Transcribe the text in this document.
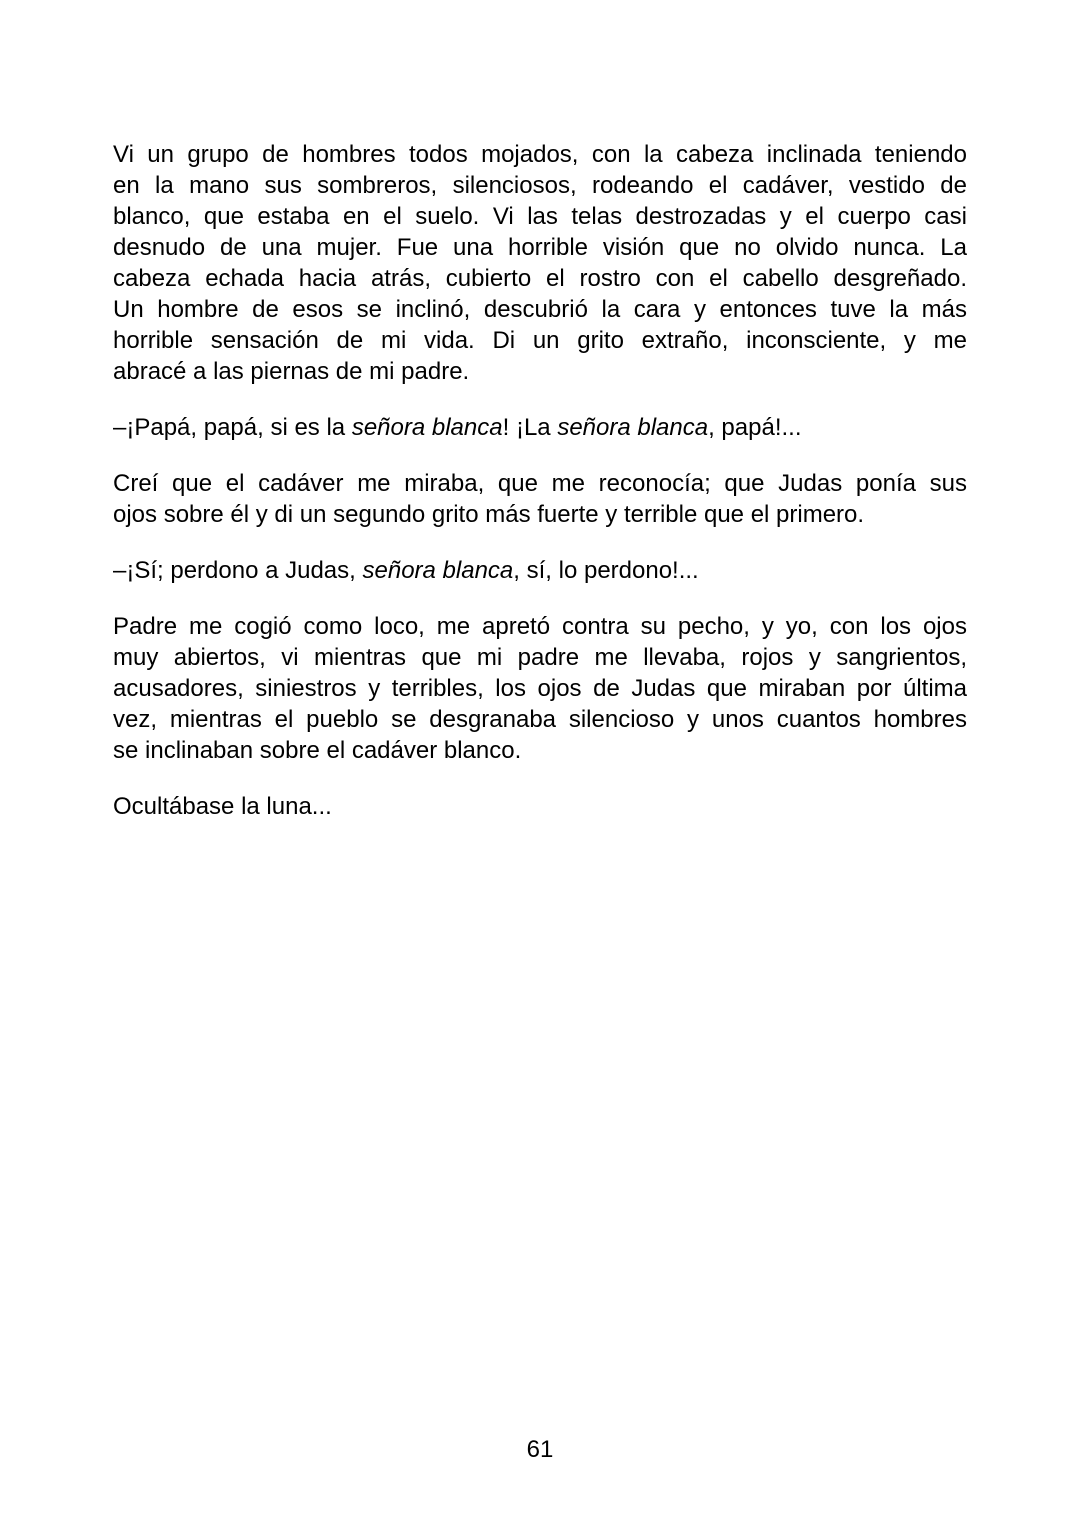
Vi un grupo de hombres todos mojados, con la cabeza inclinada teniendo
en la mano sus sombreros, silenciosos, rodeando el cadáver, vestido de
blanco, que estaba en el suelo. Vi las telas destrozadas y el cuerpo casi
desnudo de una mujer. Fue una horrible visión que no olvido nunca. La
cabeza echada hacia atrás, cubierto el rostro con el cabello desgreñado.
Un hombre de esos se inclinó, descubrió la cara y entonces tuve la más
horrible sensación de mi vida. Di un grito extraño, inconsciente, y me
abracé a las piernas de mi padre.
–¡Papá, papá, si es la señora blanca! ¡La señora blanca, papá!...
Creí que el cadáver me miraba, que me reconocía; que Judas ponía sus
ojos sobre él y di un segundo grito más fuerte y terrible que el primero.
–¡Sí; perdono a Judas, señora blanca, sí, lo perdono!...
Padre me cogió como loco, me apretó contra su pecho, y yo, con los ojos
muy abiertos, vi mientras que mi padre me llevaba, rojos y sangrientos,
acusadores, siniestros y terribles, los ojos de Judas que miraban por última
vez, mientras el pueblo se desgranaba silencioso y unos cuantos hombres
se inclinaban sobre el cadáver blanco.
Ocultábase la luna...
61
